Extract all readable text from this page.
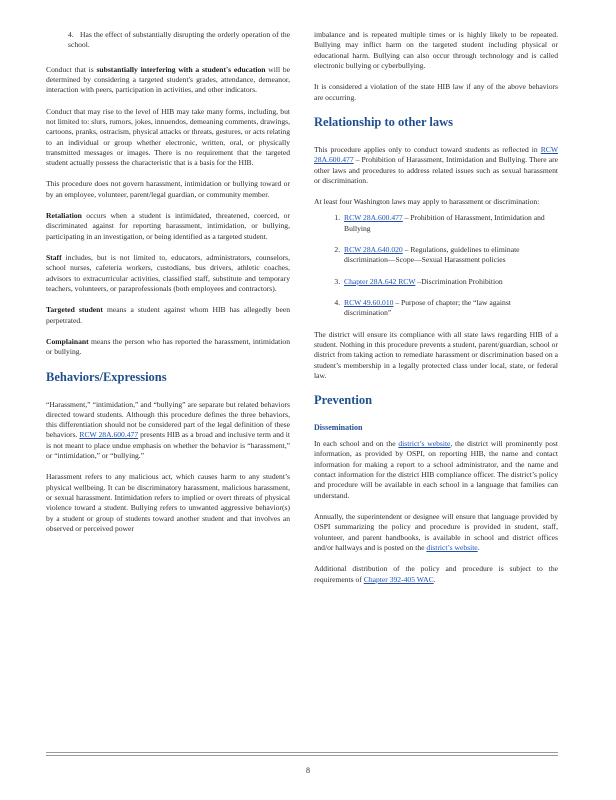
4. Has the effect of substantially disrupting the orderly operation of the school.

Conduct that is substantially interfering with a student's education will be determined by considering a targeted student's grades, attendance, demeanor, interaction with peers, participation in activities, and other indicators.

Conduct that may rise to the level of HIB may take many forms, including, but not limited to: slurs, rumors, jokes, innuendos, demeaning comments, drawings, cartoons, pranks, ostracism, physical attacks or threats, gestures, or acts relating to an individual or group whether electronic, written, oral, or physically transmitted messages or images. There is no requirement that the targeted student actually possess the characteristic that is a basis for the HIB.

This procedure does not govern harassment, intimidation or bullying toward or by an employee, volunteer, parent/legal guardian, or community member.

Retaliation occurs when a student is intimidated, threatened, coerced, or discriminated against for reporting harassment, intimidation, or bullying, participating in an investigation, or being identified as a targeted student.

Staff includes, but is not limited to, educators, administrators, counselors, school nurses, cafeteria workers, custodians, bus drivers, athletic coaches, advisors to extracurricular activities, classified staff, substitute and temporary teachers, volunteers, or paraprofessionals (both employees and contractors).

Targeted student means a student against whom HIB has allegedly been perpetrated.

Complainant means the person who has reported the harassment, intimidation or bullying.

Behaviors/Expressions

“Harassment,” “intimidation,” and “bullying” are separate but related behaviors directed toward students. Although this procedure defines the three behaviors, this differentiation should not be considered part of the legal definition of these behaviors. RCW 28A.600.477 presents HIB as a broad and inclusive term and it is not meant to place undue emphasis on whether the behavior is “harassment,” or “intimidation,” or “bullying.”

Harassment refers to any malicious act, which causes harm to any student’s physical wellbeing. It can be discriminatory harassment, malicious harassment, or sexual harassment. Intimidation refers to implied or overt threats of physical violence toward a student. Bullying refers to unwanted aggressive behavior(s) by a student or group of students toward another student and that involves an observed or perceived power

imbalance and is repeated multiple times or is highly likely to be repeated. Bullying may inflict harm on the targeted student including physical or educational harm. Bullying can also occur through technology and is called electronic bullying or cyberbullying.

It is considered a violation of the state HIB law if any of the above behaviors are occurring.

Relationship to other laws

This procedure applies only to conduct toward students as reflected in RCW 28A.600.477 – Prohibition of Harassment, Intimidation and Bullying. There are other laws and procedures to address related issues such as sexual harassment or discrimination.

At least four Washington laws may apply to harassment or discrimination:

1. RCW 28A.600.477 – Prohibition of Harassment, Intimidation and Bullying
2. RCW 28A.640.020 – Regulations, guidelines to eliminate discrimination—Scope—Sexual Harassment policies
3. Chapter 28A.642 RCW –Discrimination Prohibition
4. RCW 49.60.010 – Purpose of chapter; the “law against discrimination”

The district will ensure its compliance with all state laws regarding HIB of a student. Nothing in this procedure prevents a student, parent/guardian, school or district from taking action to remediate harassment or discrimination based on a student’s membership in a legally protected class under local, state, or federal law.

Prevention
Dissemination

In each school and on the district’s website, the district will prominently post information, as provided by OSPI, on reporting HIB, the name and contact information for making a report to a school administrator, and the name and contact information for the district HIB compliance officer. The district’s policy and procedure will be available in each school in a language that families can understand.

Annually, the superintendent or designee will ensure that language provided by OSPI summarizing the policy and procedure is provided in student, staff, volunteer, and parent handbooks, is available in school and district offices and/or hallways and is posted on the district’s website.

Additional distribution of the policy and procedure is subject to the requirements of Chapter 392-405 WAC.

8
